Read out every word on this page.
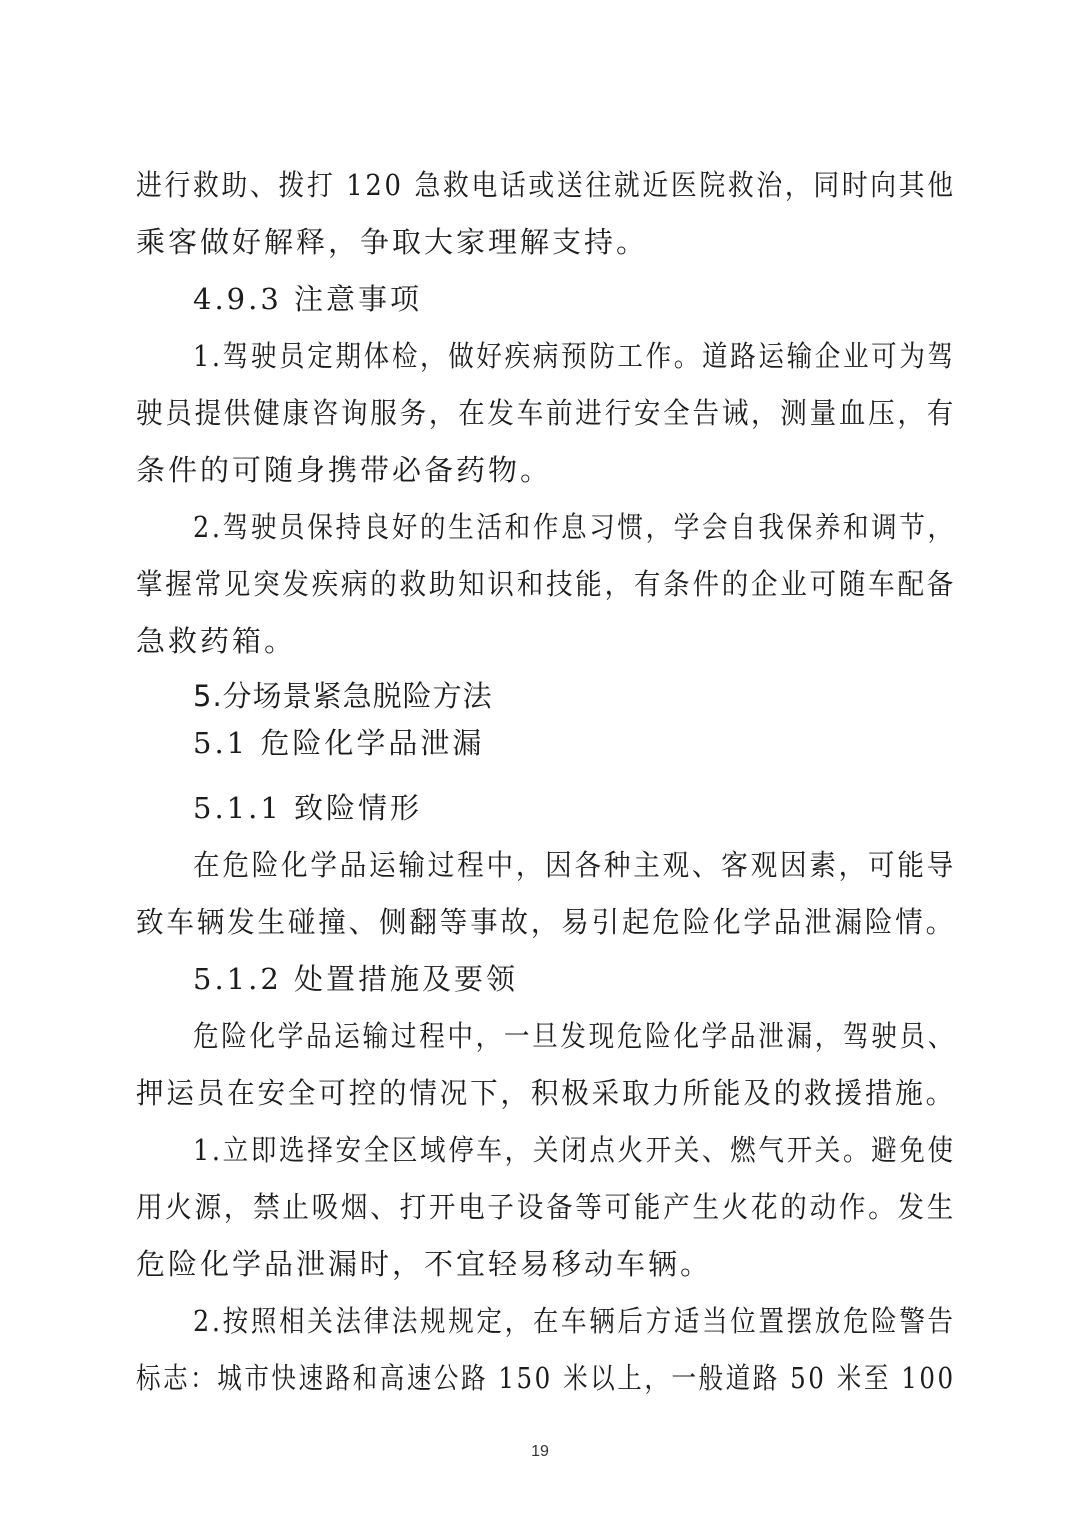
进行救助、拨打 120 急救电话或送往就近医院救治，同时向其他
乘客做好解释，争取大家理解支持。
4.9.3 注意事项
1.驾驶员定期体检，做好疾病预防工作。道路运输企业可为驾
驶员提供健康咨询服务，在发车前进行安全告诫，测量血压，有
条件的可随身携带必备药物。
2.驾驶员保持良好的生活和作息习惯，学会自我保养和调节，
掌握常见突发疾病的救助知识和技能，有条件的企业可随车配备
急救药箱。
5.分场景紧急脱险方法
5.1 危险化学品泄漏
5.1.1 致险情形
在危险化学品运输过程中，因各种主观、客观因素，可能导
致车辆发生碰撞、侧翻等事故，易引起危险化学品泄漏险情。
5.1.2 处置措施及要领
危险化学品运输过程中，一旦发现危险化学品泄漏，驾驶员、
押运员在安全可控的情况下，积极采取力所能及的救援措施。
1.立即选择安全区域停车，关闭点火开关、燃气开关。避免使
用火源，禁止吸烟、打开电子设备等可能产生火花的动作。发生
危险化学品泄漏时，不宜轻易移动车辆。
2.按照相关法律法规规定，在车辆后方适当位置摆放危险警告
标志：城市快速路和高速公路 150 米以上，一般道路 50 米至 100
19
